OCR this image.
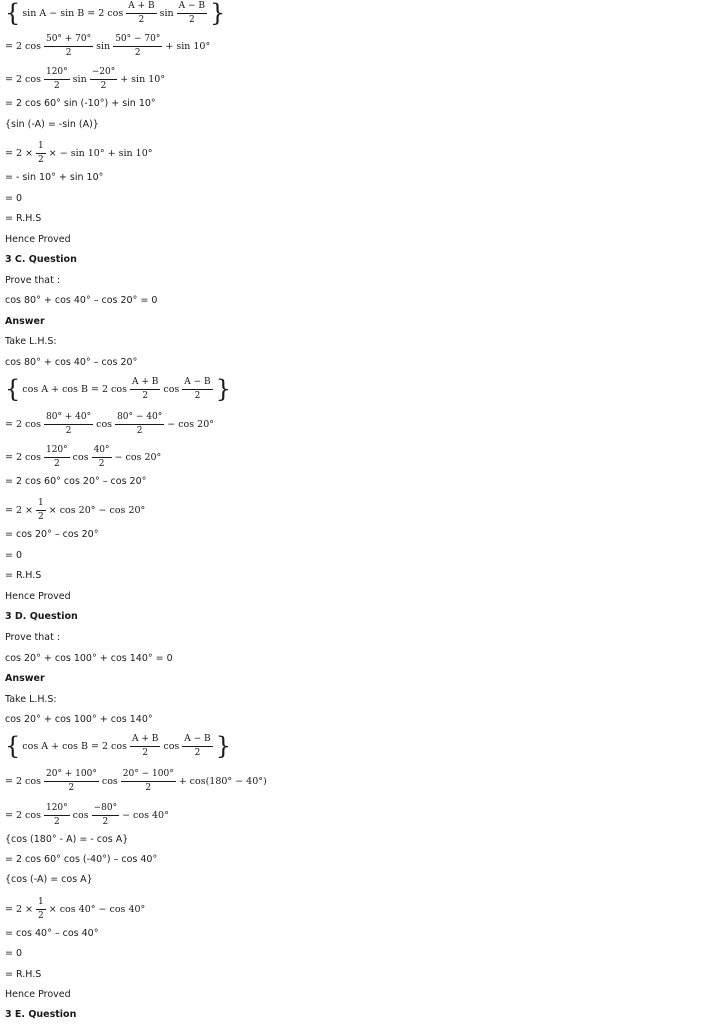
{ sin A − sin B = 2 cos
A + B
2
sin
A − B
2 }
= 2 cos
50° + 70°
2
sin
50° − 70°
2
+ sin 10°
= 2 cos
120°
2
sin
−20°
2
+ sin 10°
= 2 cos 60° sin (-10°) + sin 10°
{sin (-A) = -sin (A)}
= $2 \times \frac{1}{2}$ × − sin 10° + sin 10°
= - sin 10° + sin 10°
= 0
= R.H.S
Hence Proved
3 C. Question
Prove that :
cos 80° + cos 40° – cos 20° = 0
Answer
Take L.H.S:
cos 80° + cos 40° – cos 20°
{ cos A + cos B = 2 cos
A + B
2
cos
A − B
2 }
= 2 cos
80° + 40°
2
cos
80° − 40°
2
− cos 20°
= 2 cos
120°
2
cos
40°
2
− cos 20°
= 2 cos 60° cos 20° – cos 20°
= $2 \times \frac{1}{2} \times \cos 20^\circ - \cos 20^\circ$
= cos 20° – cos 20°
= 0
= R.H.S
Hence Proved
3 D. Question
Prove that :
cos 20° + cos 100° + cos 140° = 0
Answer
Take L.H.S:
cos 20° + cos 100° + cos 140°
{ cos A + cos B = 2 cos
A + B
2
cos
A − B
2 }
= 2 cos
20° + 100°
2
cos
20° − 100°
2
+ cos(180° − 40°)
= 2 cos
120°
2
cos
−80°
2
− cos 40°
{cos (180° - A) = - cos A}
= 2 cos 60° cos (-40°) – cos 40°
{cos (-A) = cos A}
= $2 \times \frac{1}{2} \times \cos 40^\circ - \cos 40^\circ$
= cos 40° – cos 40°
= 0
= R.H.S
Hence Proved
3 E. Question
